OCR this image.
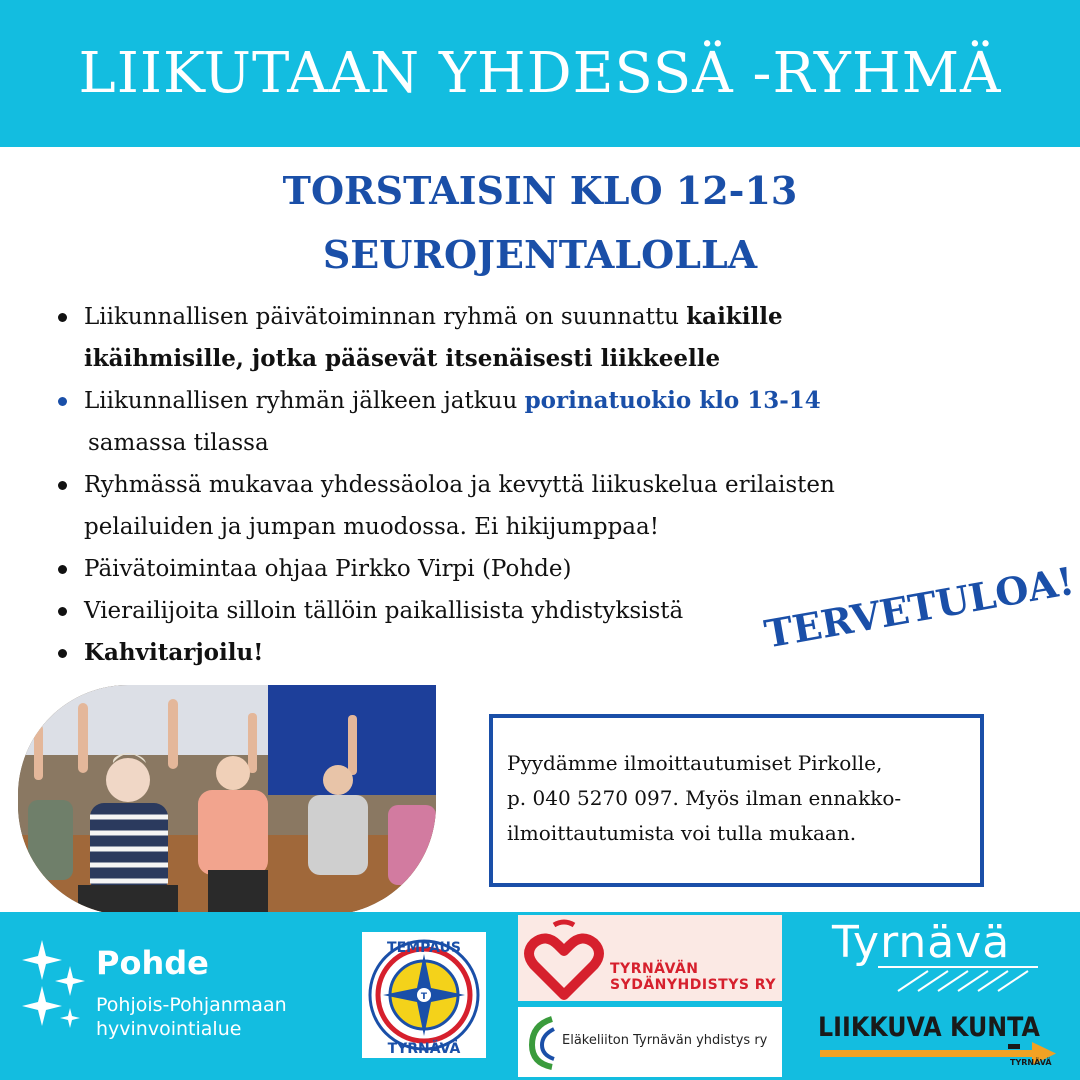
LIIKUTAAN YHDESSÄ -RYHMÄ
TORSTAISIN KLO 12-13
SEUROJENTALOLLA
Liikunnallisen päivätoiminnan ryhmä on suunnattu kaikille
ikäihmisille, jotka pääsevät itsenäisesti liikkeelle
Liikunnallisen ryhmän jälkeen jatkuu porinatuokio klo 13-14
samassa tilassa
Ryhmässä mukavaa yhdessäoloa ja kevyttä liikuskelua erilaisten
pelailuiden ja jumpan muodossa. Ei hikijumppaa!
Päivätoimintaa ohjaa Pirkko Virpi (Pohde)
Vierailijoita silloin tällöin paikallisista yhdistyksistä
Kahvitarjoilu!	TERVETULOA!
Pyydämme ilmoittautumiset Pirkolle,
p. 040 5270 097. Myös ilman ennakko-
ilmoittautumista voi tulla mukaan.
Pohde
Pohjois-Pohjanmaan
hyvinvointialue
T
TEMPAUS
TYRNÄVÄ
TYRNÄVÄN
SYDÄNYHDISTYS RY
Eläkeliiton Tyrnävän yhdistys ry
Tyrnävä
LIIKKUVA KUNTA
TYRNÄVÄ
